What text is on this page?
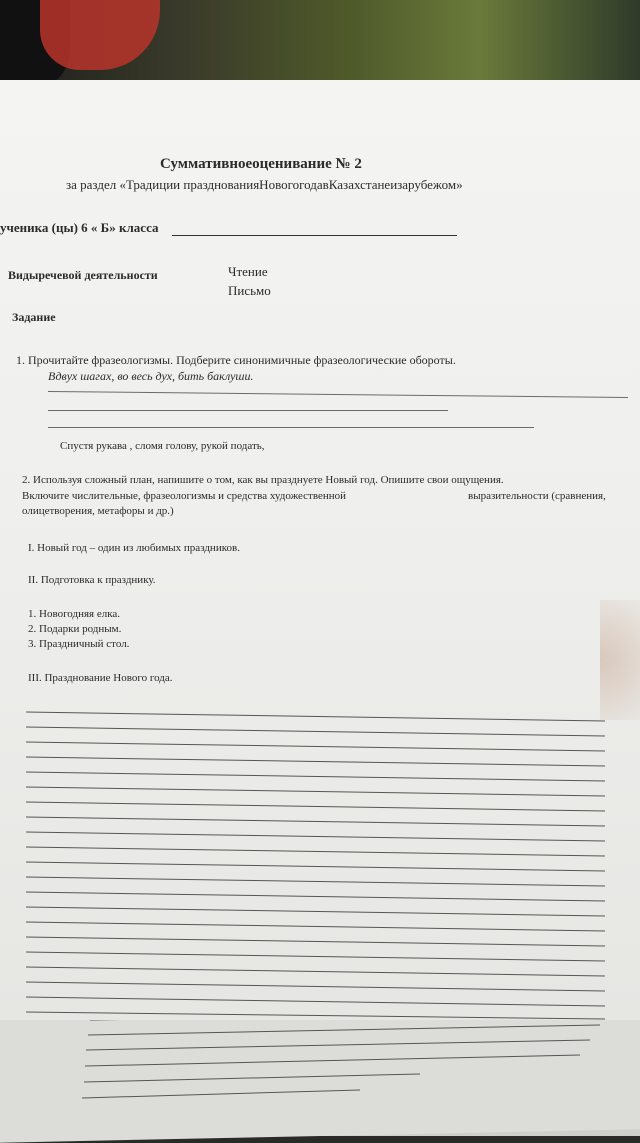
Суммативноеоценивание № 2
за раздел «Традиции празднованияНовогогодавКазахстанеизарубежом»
ученика (цы) 6 « Б» класса
Видыречевой деятельности	Чтение
Письмо
Задание
1. Прочитайте фразеологизмы. Подберите синонимичные фразеологические обороты.
Вдвух шагах, во весь дух, бить баклуши.
Спустя рукава , сломя голову, рукой подать,
2. Используя сложный план, напишите о том, как вы празднуете Новый год. Опишите свои ощущения.
Включите числительные, фразеологизмы и средства художественной	выразительности (сравнения,
олицетворения, метафоры и др.)
I. Новый год – один из любимых праздников.
II. Подготовка к празднику.
1. Новогодняя елка.
2. Подарки родным.
3. Праздничный стол.
III. Празднование Нового года.
